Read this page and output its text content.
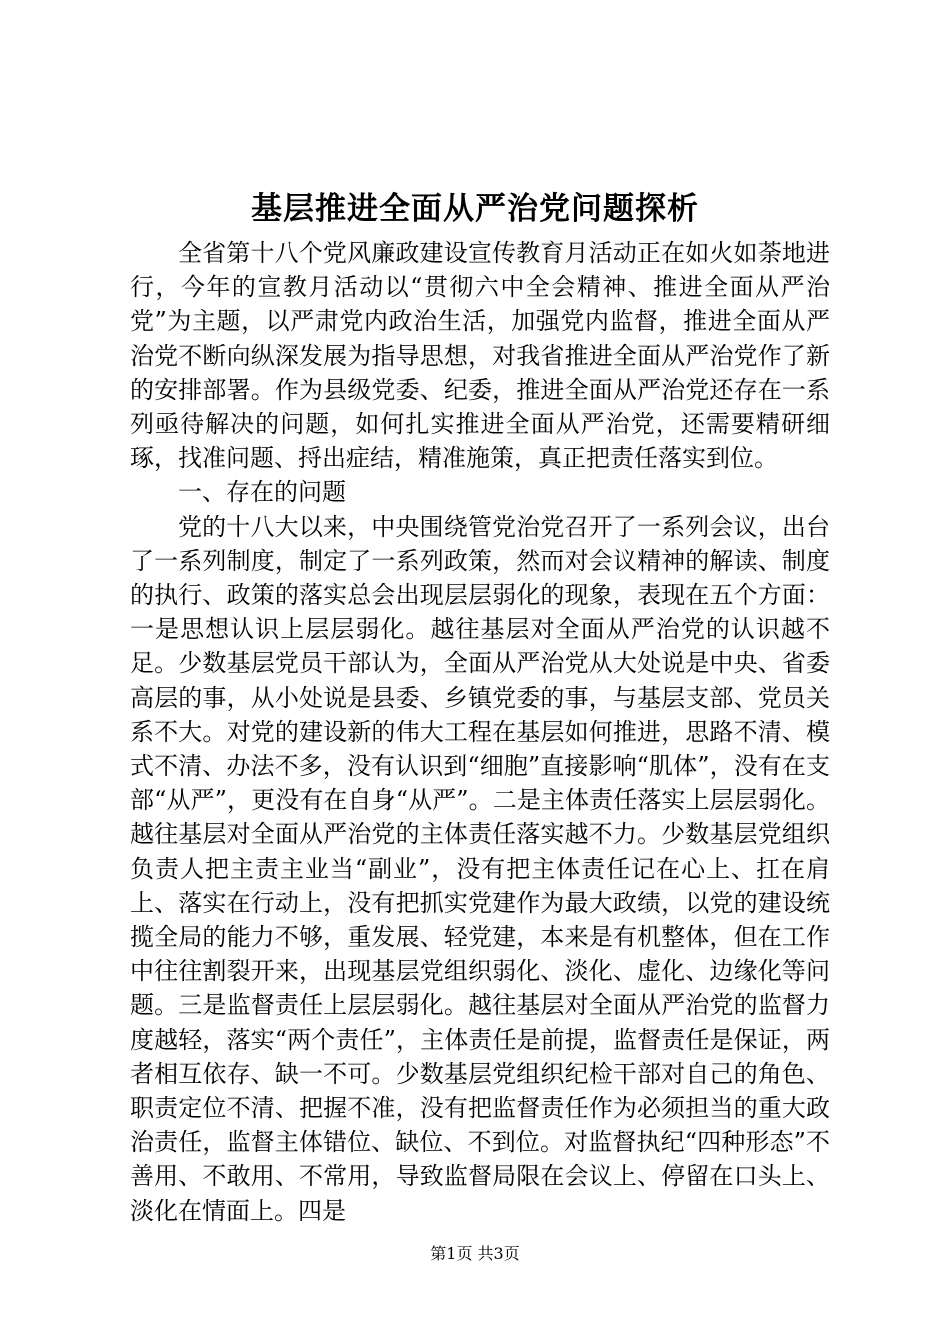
基层推进全面从严治党问题探析

全省第十八个党风廉政建设宣传教育月活动正在如火如荼地进行，今年的宣教月活动以“贯彻六中全会精神、推进全面从严治党”为主题，以严肃党内政治生活，加强党内监督，推进全面从严治党不断向纵深发展为指导思想，对我省推进全面从严治党作了新的安排部署。作为县级党委、纪委，推进全面从严治党还存在一系列亟待解决的问题，如何扎实推进全面从严治党，还需要精研细琢，找准问题、捋出症结，精准施策，真正把责任落实到位。

一、存在的问题

党的十八大以来，中央围绕管党治党召开了一系列会议，出台了一系列制度，制定了一系列政策，然而对会议精神的解读、制度的执行、政策的落实总会出现层层弱化的现象，表现在五个方面：一是思想认识上层层弱化。越往基层对全面从严治党的认识越不足。少数基层党员干部认为，全面从严治党从大处说是中央、省委高层的事，从小处说是县委、乡镇党委的事，与基层支部、党员关系不大。对党的建设新的伟大工程在基层如何推进，思路不清、模式不清、办法不多，没有认识到“细胞”直接影响“肌体”，没有在支部“从严”，更没有在自身“从严”。二是主体责任落实上层层弱化。越往基层对全面从严治党的主体责任落实越不力。少数基层党组织负责人把主责主业当“副业”，没有把主体责任记在心上、扛在肩上、落实在行动上，没有把抓实党建作为最大政绩，以党的建设统揽全局的能力不够，重发展、轻党建，本来是有机整体，但在工作中往往割裂开来，出现基层党组织弱化、淡化、虚化、边缘化等问题。三是监督责任上层层弱化。越往基层对全面从严治党的监督力度越轻，落实“两个责任”，主体责任是前提，监督责任是保证，两者相互依存、缺一不可。少数基层党组织纪检干部对自己的角色、职责定位不清、把握不准，没有把监督责任作为必须担当的重大政治责任，监督主体错位、缺位、不到位。对监督执纪“四种形态”不善用、不敢用、不常用，导致监督局限在会议上、停留在口头上、淡化在情面上。四是

第1页 共3页
